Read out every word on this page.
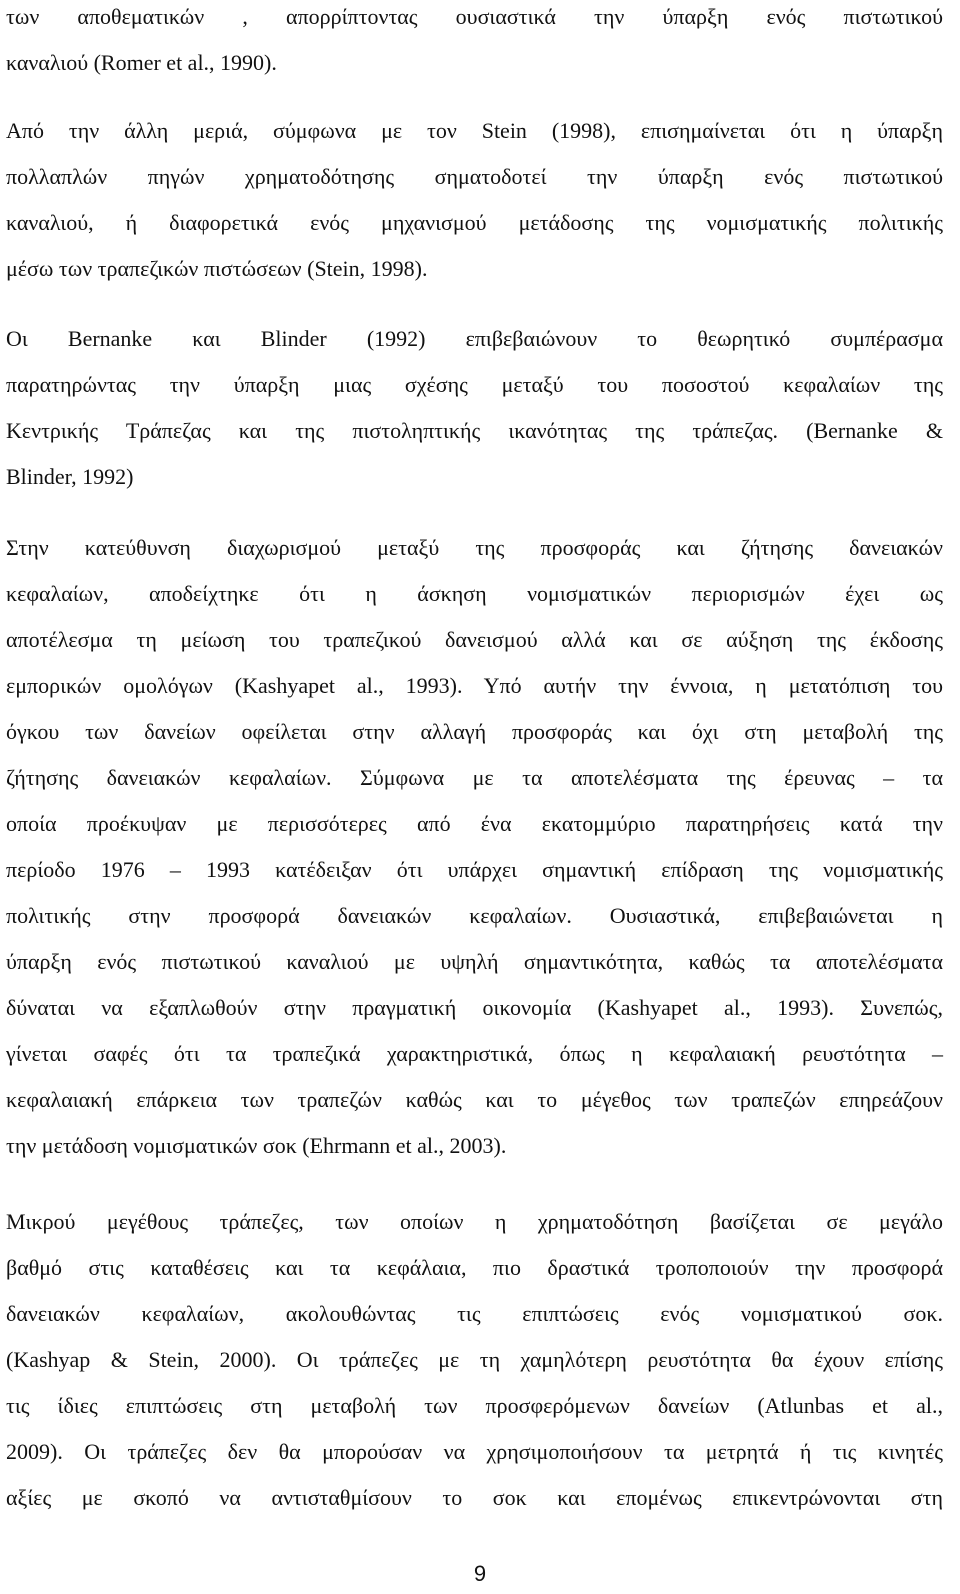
των αποθεματικών , απορρίπτοντας ουσιαστικά την ύπαρξη ενός πιστωτικού
καναλιού (Romer et al., 1990).

Από την άλλη μεριά, σύμφωνα με τον Stein (1998), επισημαίνεται ότι η ύπαρξη
πολλαπλών πηγών χρηματοδότησης σηματοδοτεί την ύπαρξη ενός πιστωτικού
καναλιού, ή διαφορετικά ενός μηχανισμού μετάδοσης της νομισματικής πολιτικής
μέσω των τραπεζικών πιστώσεων (Stein, 1998).

Οι Bernanke και Blinder (1992) επιβεβαιώνουν το θεωρητικό συμπέρασμα
παρατηρώντας την ύπαρξη μιας σχέσης μεταξύ του ποσοστού κεφαλαίων της
Κεντρικής Τράπεζας και της πιστοληπτικής ικανότητας της τράπεζας. (Bernanke &
Blinder, 1992)

Στην κατεύθυνση διαχωρισμού μεταξύ της προσφοράς και ζήτησης δανειακών
κεφαλαίων, αποδείχτηκε ότι η άσκηση νομισματικών περιορισμών έχει ως
αποτέλεσμα τη μείωση του τραπεζικού δανεισμού αλλά και σε αύξηση της έκδοσης
εμπορικών ομολόγων (Kashyapet al., 1993). Υπό αυτήν την έννοια, η μετατόπιση του
όγκου των δανείων οφείλεται στην αλλαγή προσφοράς και όχι στη μεταβολή της
ζήτησης δανειακών κεφαλαίων. Σύμφωνα με τα αποτελέσματα της έρευνας – τα
οποία προέκυψαν με περισσότερες από ένα εκατομμύριο παρατηρήσεις κατά την
περίοδο 1976 – 1993 κατέδειξαν ότι υπάρχει σημαντική επίδραση της νομισματικής
πολιτικής στην προσφορά δανειακών κεφαλαίων. Ουσιαστικά, επιβεβαιώνεται η
ύπαρξη ενός πιστωτικού καναλιού με υψηλή σημαντικότητα, καθώς τα αποτελέσματα
δύναται να εξαπλωθούν στην πραγματική οικονομία (Kashyapet al., 1993). Συνεπώς,
γίνεται σαφές ότι τα τραπεζικά χαρακτηριστικά, όπως η κεφαλαιακή ρευστότητα –
κεφαλαιακή επάρκεια των τραπεζών καθώς και το μέγεθος των τραπεζών επηρεάζουν
την μετάδοση νομισματικών σοκ (Ehrmann et al., 2003).

Μικρού μεγέθους τράπεζες, των οποίων η χρηματοδότηση βασίζεται σε μεγάλο
βαθμό στις καταθέσεις και τα κεφάλαια, πιο δραστικά τροποποιούν την προσφορά
δανειακών κεφαλαίων, ακολουθώντας τις επιπτώσεις ενός νομισματικού σοκ.
(Kashyap & Stein, 2000). Οι τράπεζες με τη χαμηλότερη ρευστότητα θα έχουν επίσης
τις ίδιες επιπτώσεις στη μεταβολή των προσφερόμενων δανείων (Atlunbas et al.,
2009). Οι τράπεζες δεν θα μπορούσαν να χρησιμοποιήσουν τα μετρητά ή τις κινητές
αξίες με σκοπό να αντισταθμίσουν το σοκ και επομένως επικεντρώνονται στη

9
